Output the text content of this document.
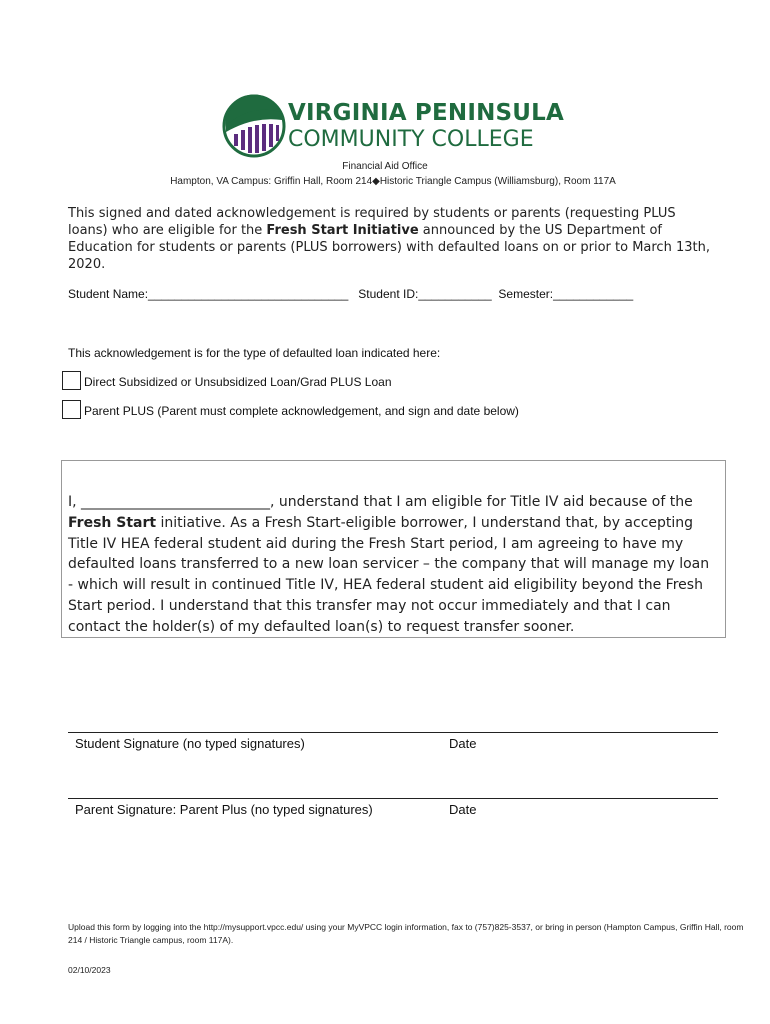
VIRGINIA PENINSULA
COMMUNITY COLLEGE
Financial Aid Office
Hampton, VA Campus: Griffin Hall, Room 214◆Historic Triangle Campus (Williamsburg), Room 117A
This signed and dated acknowledgement is required by students or parents (requesting PLUS loans) who are eligible for the Fresh Start Initiative announced by the US Department of Education for students or parents (PLUS borrowers) with defaulted loans on or prior to March 13th, 2020.
Student Name:______________________________ Student ID:___________ Semester:____________
This acknowledgement is for the type of defaulted loan indicated here:
Direct Subsidized or Unsubsidized Loan/Grad PLUS Loan
Parent PLUS (Parent must complete acknowledgement, and sign and date below)
I, ___________________________, understand that I am eligible for Title IV aid because of the Fresh Start initiative. As a Fresh Start-eligible borrower, I understand that, by accepting Title IV HEA federal student aid during the Fresh Start period, I am agreeing to have my defaulted loans transferred to a new loan servicer – the company that will manage my loan - which will result in continued Title IV, HEA federal student aid eligibility beyond the Fresh Start period. I understand that this transfer may not occur immediately and that I can contact the holder(s) of my defaulted loan(s) to request transfer sooner.
Student Signature (no typed signatures)	Date
Parent Signature: Parent Plus (no typed signatures)	Date
Upload this form by logging into the http://mysupport.vpcc.edu/ using your MyVPCC login information, fax to (757)825-3537, or bring in person (Hampton Campus, Griffin Hall, room 214 / Historic Triangle campus, room 117A).
02/10/2023
